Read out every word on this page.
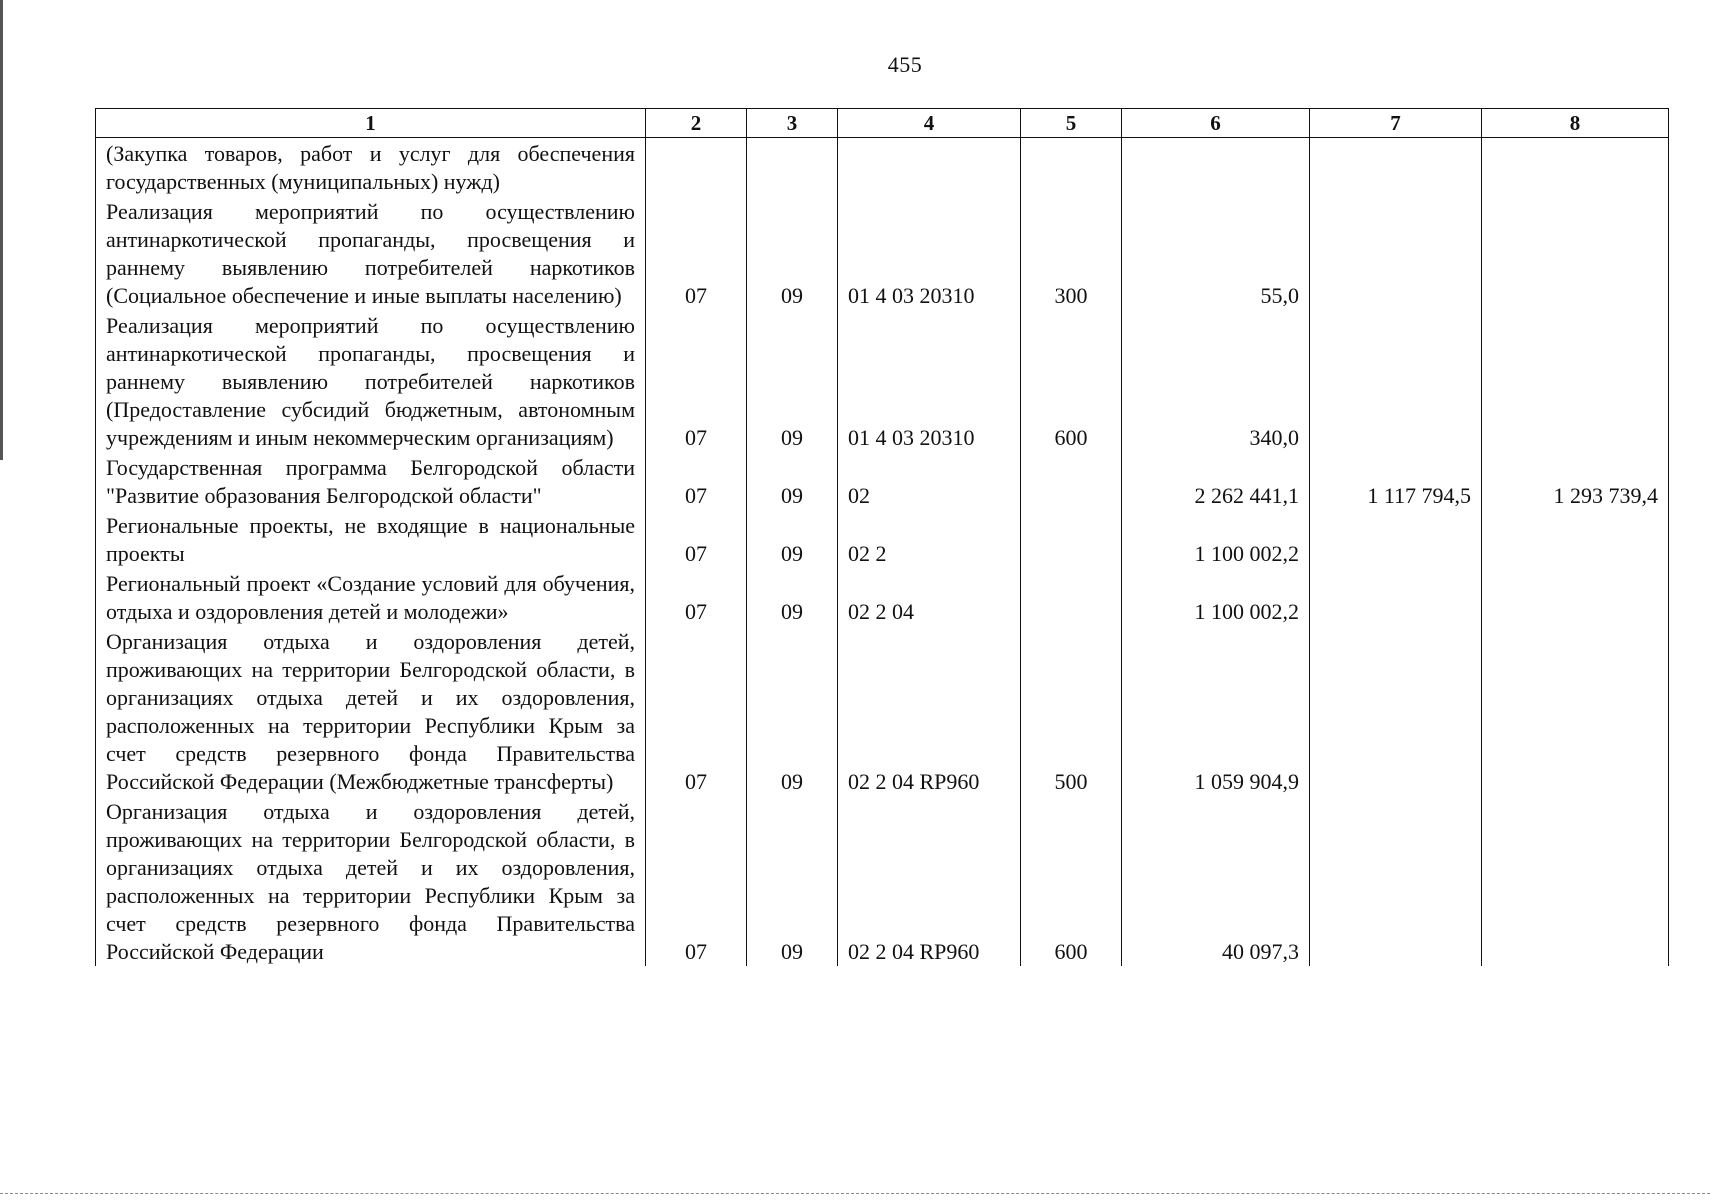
455
1	2	3	4	5	6	7	8
(Закупка товаров, работ и услуг для обеспечения государственных (муниципальных) нужд)							
Реализация мероприятий по осуществлению антинаркотической пропаганды, просвещения и раннему выявлению потребителей наркотиков (Социальное обеспечение и иные выплаты населению)	07	09	01 4 03 20310	300	55,0		
Реализация мероприятий по осуществлению антинаркотической пропаганды, просвещения и раннему выявлению потребителей наркотиков (Предоставление субсидий бюджетным, автономным учреждениям и иным некоммерческим организациям)	07	09	01 4 03 20310	600	340,0		
Государственная программа Белгородской области "Развитие образования Белгородской области"	07	09	02		2 262 441,1	1 117 794,5	1 293 739,4
Региональные проекты, не входящие в национальные проекты	07	09	02 2		1 100 002,2		
Региональный проект «Создание условий для обучения, отдыха и оздоровления детей и молодежи»	07	09	02 2 04		1 100 002,2		
Организация отдыха и оздоровления детей, проживающих на территории Белгородской области, в организациях отдыха детей и их оздоровления, расположенных на территории Республики Крым за счет средств резервного фонда Правительства Российской Федерации (Межбюджетные трансферты)	07	09	02 2 04 RP960	500	1 059 904,9		
Организация отдыха и оздоровления детей, проживающих на территории Белгородской области, в организациях отдыха детей и их оздоровления, расположенных на территории Республики Крым за счет средств резервного фонда Правительства Российской Федерации	07	09	02 2 04 RP960	600	40 097,3		
